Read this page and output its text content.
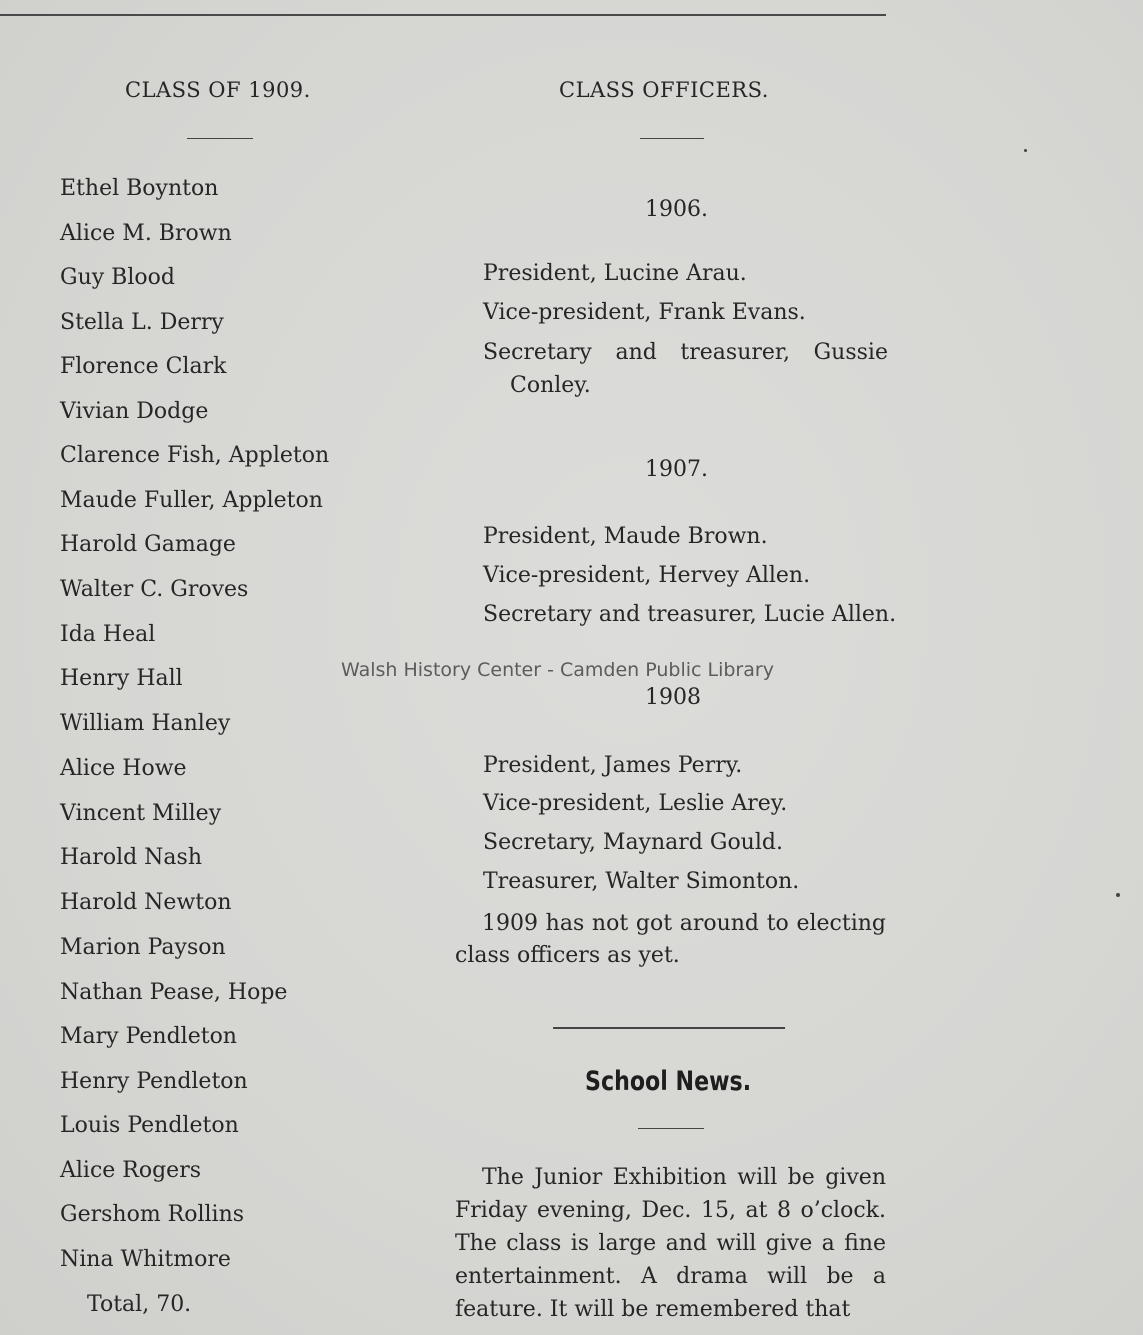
CLASS OF 1909.
Ethel Boynton
Alice M. Brown
Guy Blood
Stella L. Derry
Florence Clark
Vivian Dodge
Clarence Fish, Appleton
Maude Fuller, Appleton
Harold Gamage
Walter C. Groves
Ida Heal
Henry Hall
William Hanley
Alice Howe
Vincent Milley
Harold Nash
Harold Newton
Marion Payson
Nathan Pease, Hope
Mary Pendleton
Henry Pendleton
Louis Pendleton
Alice Rogers
Gershom Rollins
Nina Whitmore
Total, 70.
CLASS OFFICERS.
1906.
President, Lucine Arau.
Vice-president, Frank Evans.
Secretary and treasurer, Gussie
Conley.
1907.
President, Maude Brown.
Vice-president, Hervey Allen.
Secretary and treasurer, Lucie Allen.
Walsh History Center - Camden Public Library
1908
President, James Perry.
Vice-president, Leslie Arey.
Secretary, Maynard Gould.
Treasurer, Walter Simonton.
1909 has not got around to electing class officers as yet.
School News.
The Junior Exhibition will be given Friday evening, Dec. 15, at 8 o’clock. The class is large and will give a fine entertainment. A drama will be a feature. It will be remembered that
